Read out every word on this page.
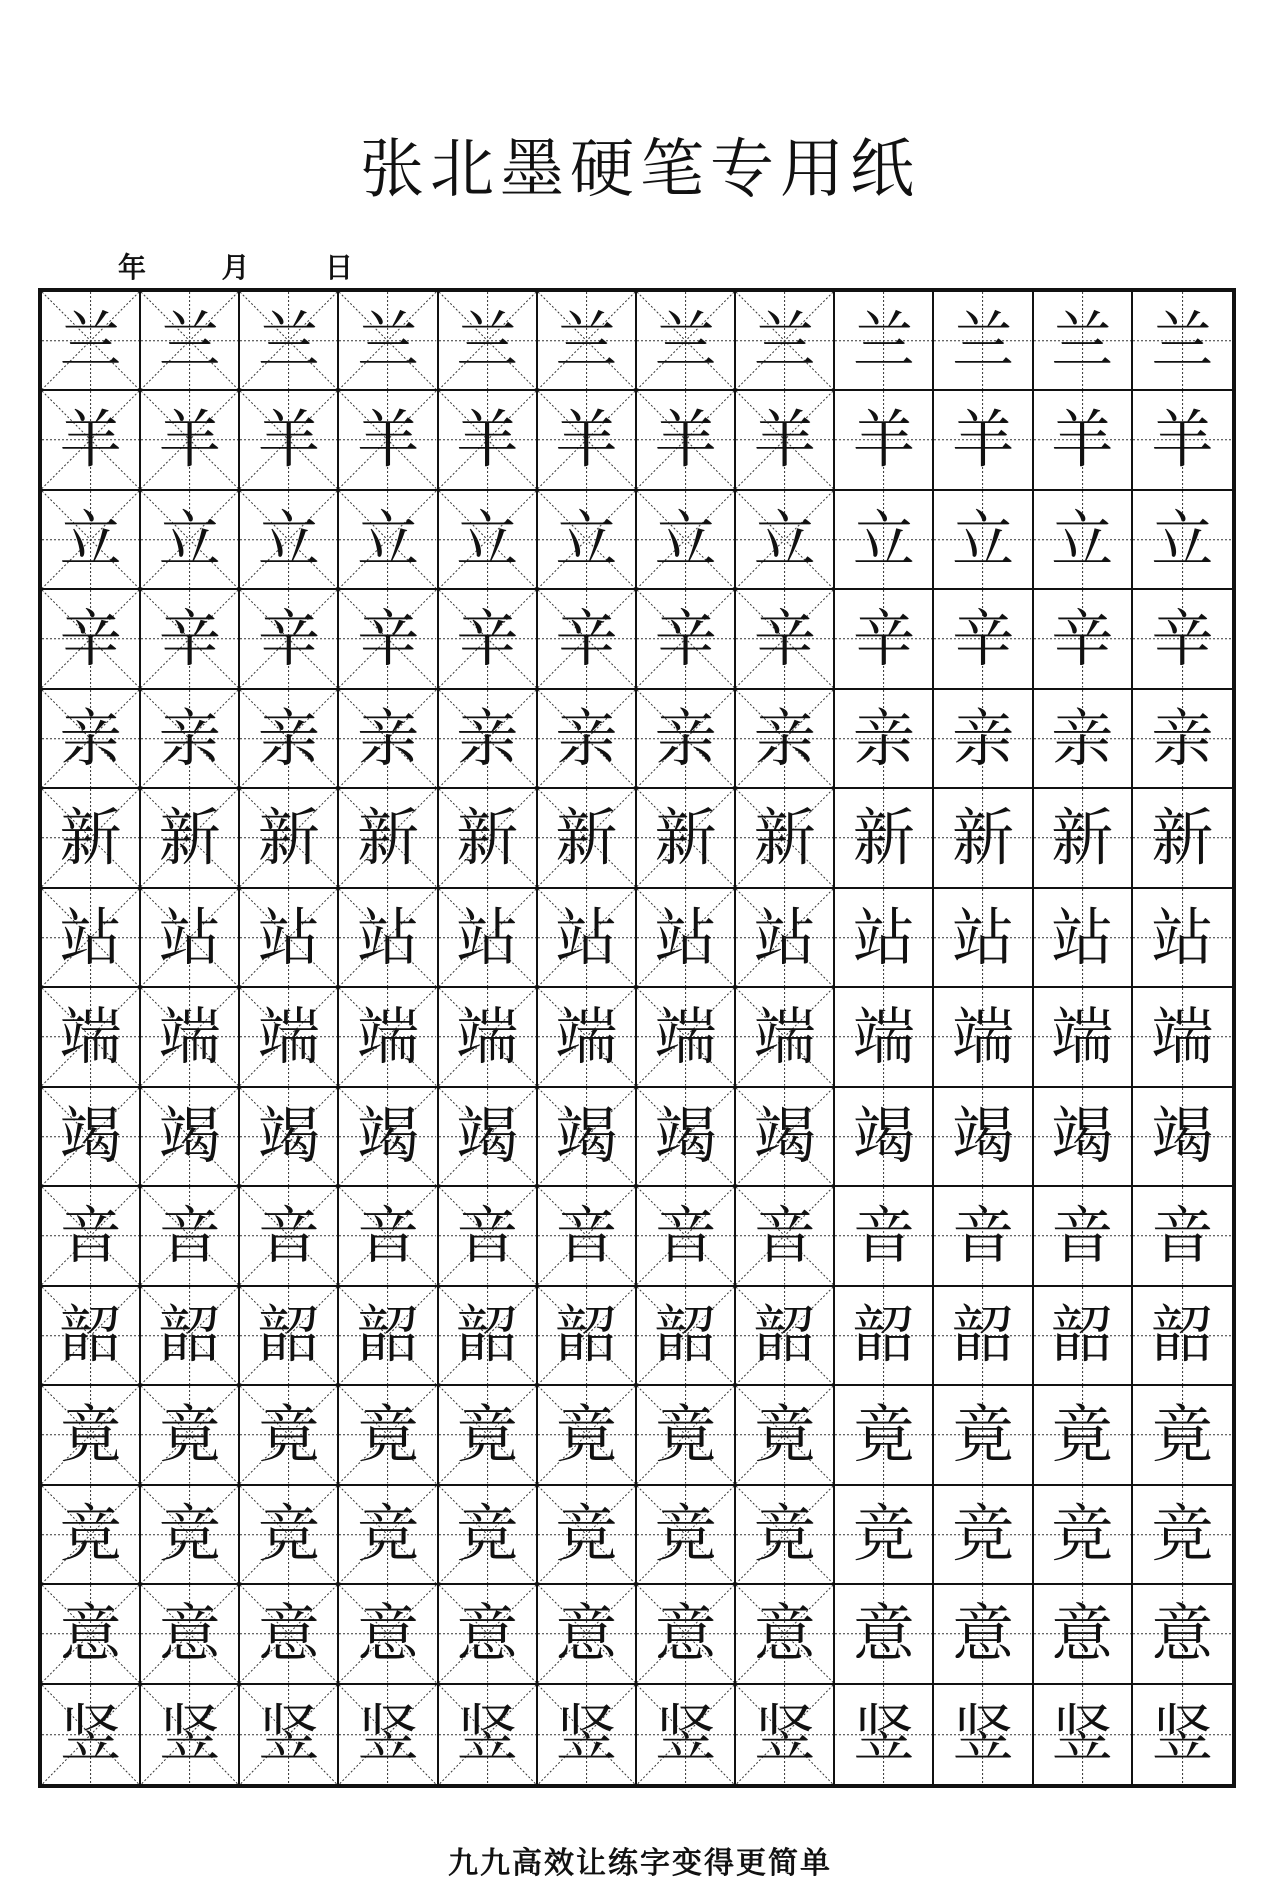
张北墨硬笔专用纸
年	月	日
兰 兰 兰 兰 兰 兰 兰 兰 兰 兰 兰 兰
羊 羊 羊 羊 羊 羊 羊 羊 羊 羊 羊 羊
立 立 立 立 立 立 立 立 立 立 立 立
辛 辛 辛 辛 辛 辛 辛 辛 辛 辛 辛 辛
亲 亲 亲 亲 亲 亲 亲 亲 亲 亲 亲 亲
新 新 新 新 新 新 新 新 新 新 新 新
站 站 站 站 站 站 站 站 站 站 站 站
端 端 端 端 端 端 端 端 端 端 端 端
竭 竭 竭 竭 竭 竭 竭 竭 竭 竭 竭 竭
音 音 音 音 音 音 音 音 音 音 音 音
韶 韶 韶 韶 韶 韶 韶 韶 韶 韶 韶 韶
竟 竟 竟 竟 竟 竟 竟 竟 竟 竟 竟 竟
竞 竞 竞 竞 竞 竞 竞 竞 竞 竞 竞 竞
意 意 意 意 意 意 意 意 意 意 意 意
竖 竖 竖 竖 竖 竖 竖 竖 竖 竖 竖 竖
九九高效让练字变得更简单
